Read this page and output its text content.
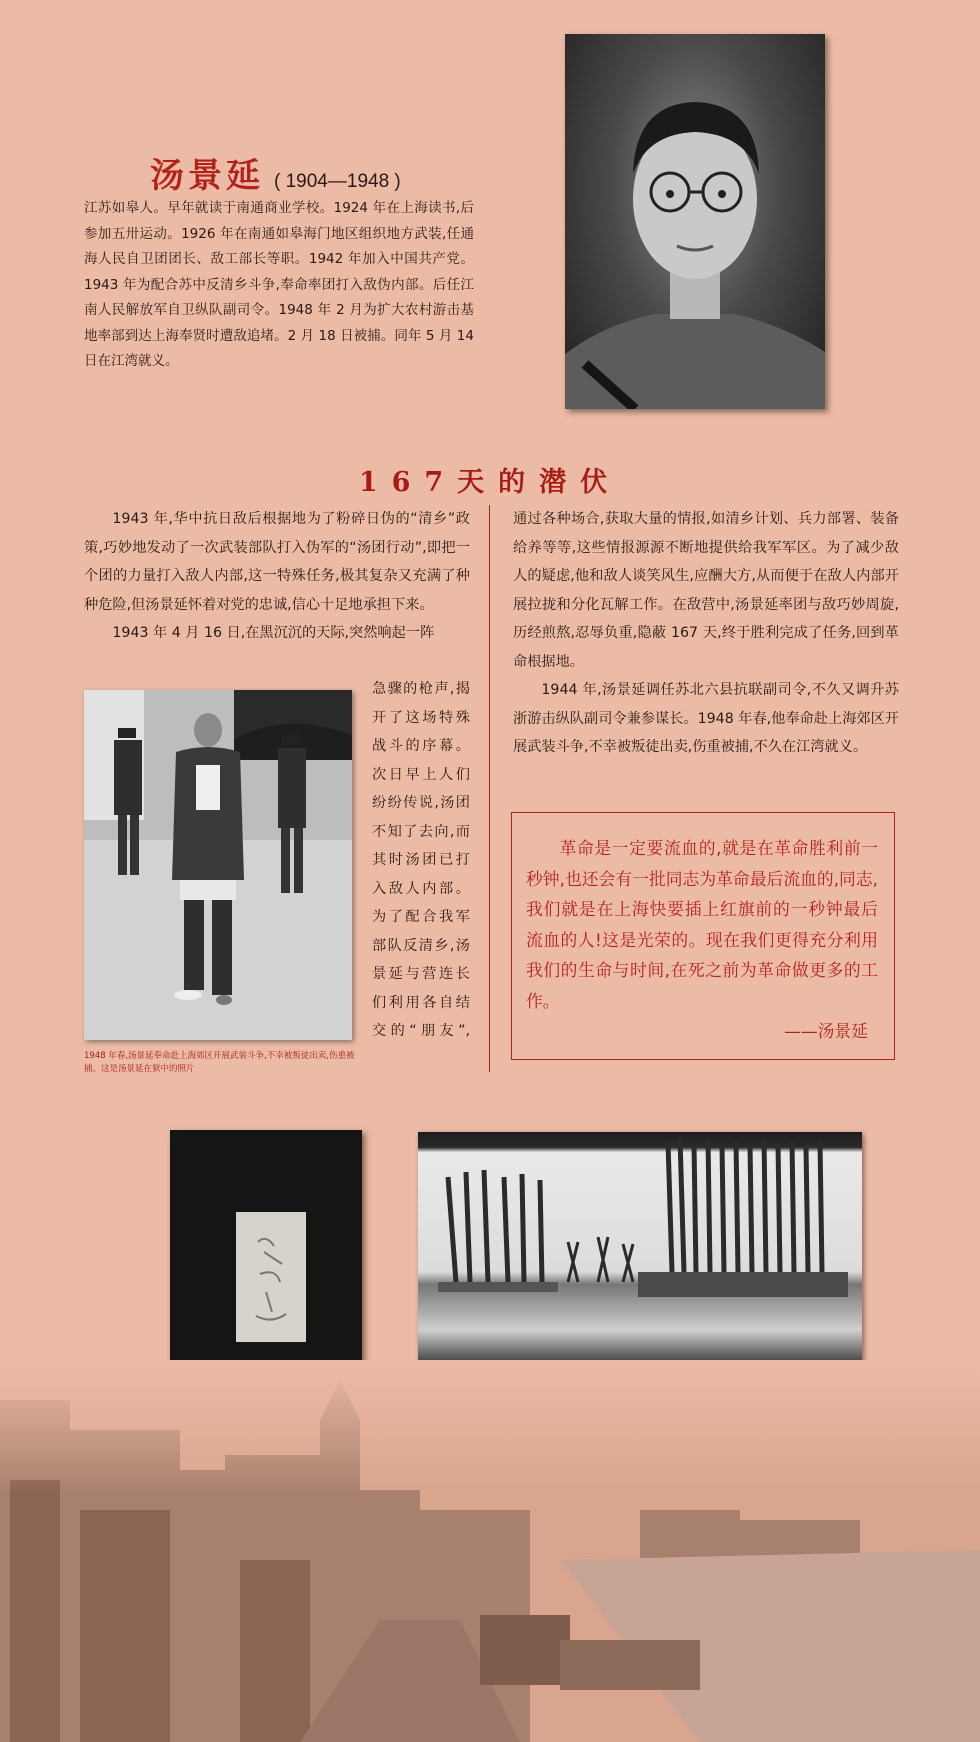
汤景延 ( 1904—1948 )
江苏如皋人。早年就读于南通商业学校。1924 年在上海读书,后参加五卅运动。1926 年在南通如皋海门地区组织地方武装,任通海人民自卫团团长、敌工部长等职。1942 年加入中国共产党。1943 年为配合苏中反清乡斗争,奉命率团打入敌伪内部。后任江南人民解放军自卫纵队副司令。1948 年 2 月为扩大农村游击基地率部到达上海奉贤时遭敌追堵。2 月 18 日被捕。同年 5 月 14 日在江湾就义。
167天的潜伏

1943 年,华中抗日敌后根据地为了粉碎日伪的“清乡”政策,巧妙地发动了一次武装部队打入伪军的“汤团行动”,即把一个团的力量打入敌人内部,这一特殊任务,极其复杂又充满了种种危险,但汤景延怀着对党的忠诚,信心十足地承担下来。

1943 年 4 月 16 日,在黑沉沉的天际,突然响起一阵

急骤的枪声,揭开了这场特殊战斗的序幕。次日早上人们纷纷传说,汤团不知了去向,而其时汤团已打入敌人内部。为了配合我军部队反清乡,汤景延与营连长们利用各自结交的“朋友”,
1948 年春,汤景延奉命赴上海郊区开展武装斗争,不幸被叛徒出卖,伤重被捕。这是汤景延在狱中的照片

通过各种场合,获取大量的情报,如清乡计划、兵力部署、装备给养等等,这些情报源源不断地提供给我军军区。为了减少敌人的疑虑,他和敌人谈笑风生,应酬大方,从而便于在敌人内部开展拉拢和分化瓦解工作。在敌营中,汤景延率团与敌巧妙周旋,历经煎熬,忍辱负重,隐蔽 167 天,终于胜利完成了任务,回到革命根据地。

1944 年,汤景延调任苏北六县抗联副司令,不久又调升苏浙游击纵队副司令兼参谋长。1948 年春,他奉命赴上海郊区开展武装斗争,不幸被叛徒出卖,伤重被捕,不久在江湾就义。

革命是一定要流血的,就是在革命胜利前一秒钟,也还会有一批同志为革命最后流血的,同志,我们就是在上海快要插上红旗前的一秒钟最后流血的人!这是光荣的。现在我们更得充分利用我们的生命与时间,在死之前为革命做更多的工作。
——汤景延
